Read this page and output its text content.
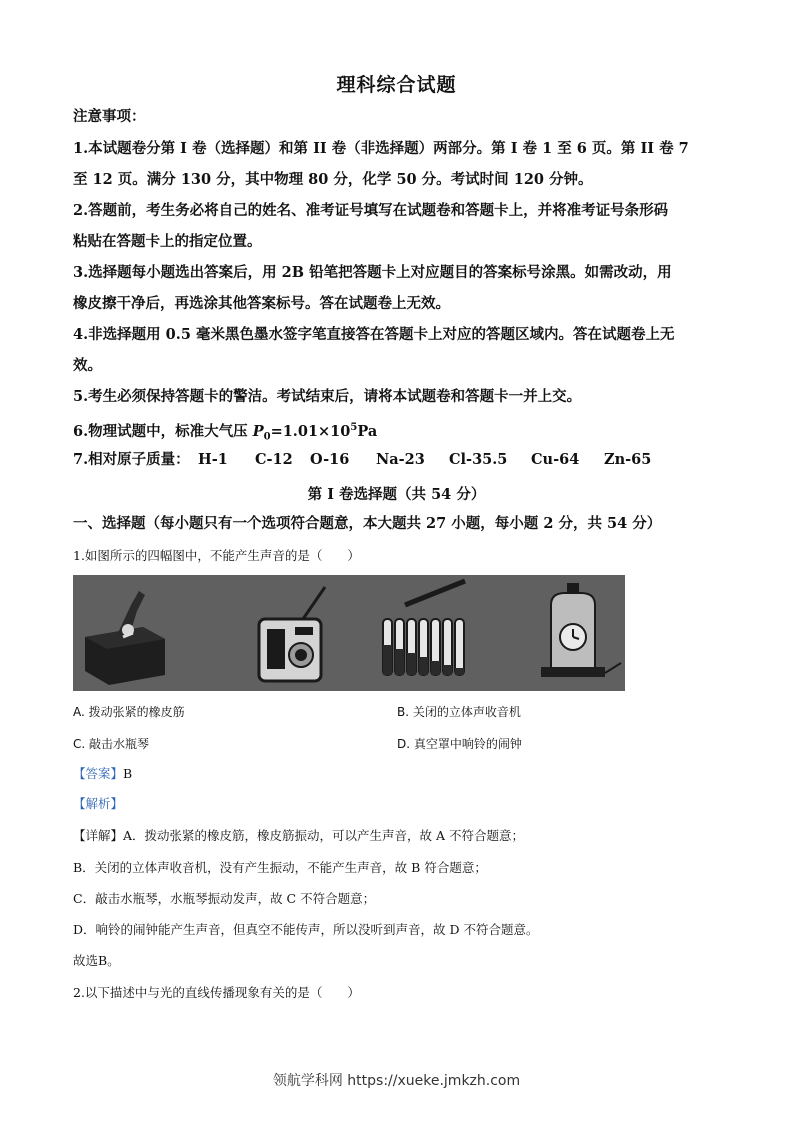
理科综合试题
注意事项：
1.本试题卷分第 I 卷（选择题）和第 II 卷（非选择题）两部分。第 I 卷 1 至 6 页。第 II 卷 7
至 12 页。满分 130 分，其中物理 80 分，化学 50 分。考试时间 120 分钟。
2.答题前，考生务必将自己的姓名、准考证号填写在试题卷和答题卡上，并将准考证号条形码
粘贴在答题卡上的指定位置。
3.选择题每小题选出答案后，用 2B 铅笔把答题卡上对应题目的答案标号涂黑。如需改动，用
橡皮擦干净后，再选涂其他答案标号。答在试题卷上无效。
4.非选择题用 0.5 毫米黑色墨水签字笔直接答在答题卡上对应的答题区域内。答在试题卷上无
效。
5.考生必须保持答题卡的警洁。考试结束后，请将本试题卷和答题卡一并上交。
6.物理试题中，标准大气压 $P_0=1.01\times 10^5Pa$
7.相对原子质量： H-1 C-12 O-16 Na-23 Cl-35.5 Cu-64 Zn-65
第 I 卷选择题（共 54 分）
一、选择题（每小题只有一个选项符合题意，本大题共 27 小题，每小题 2 分，共 54 分）
1.如图所示的四幅图中，不能产生声音的是（　　）
A. 拨动张紧的橡皮筋	B. 关闭的立体声收音机
C. 敲击水瓶琴	D. 真空罩中响铃的闹钟
【答案】B
【解析】
【详解】A．拨动张紧的橡皮筋，橡皮筋振动，可以产生声音，故 A 不符合题意；
B．关闭的立体声收音机，没有产生振动，不能产生声音，故 B 符合题意；
C．敲击水瓶琴，水瓶琴振动发声，故 C 不符合题意；
D．响铃的闹钟能产生声音，但真空不能传声，所以没听到声音，故 D 不符合题意。
故选B。
2.以下描述中与光的直线传播现象有关的是（　　）
领航学科网 https://xueke.jmkzh.com
